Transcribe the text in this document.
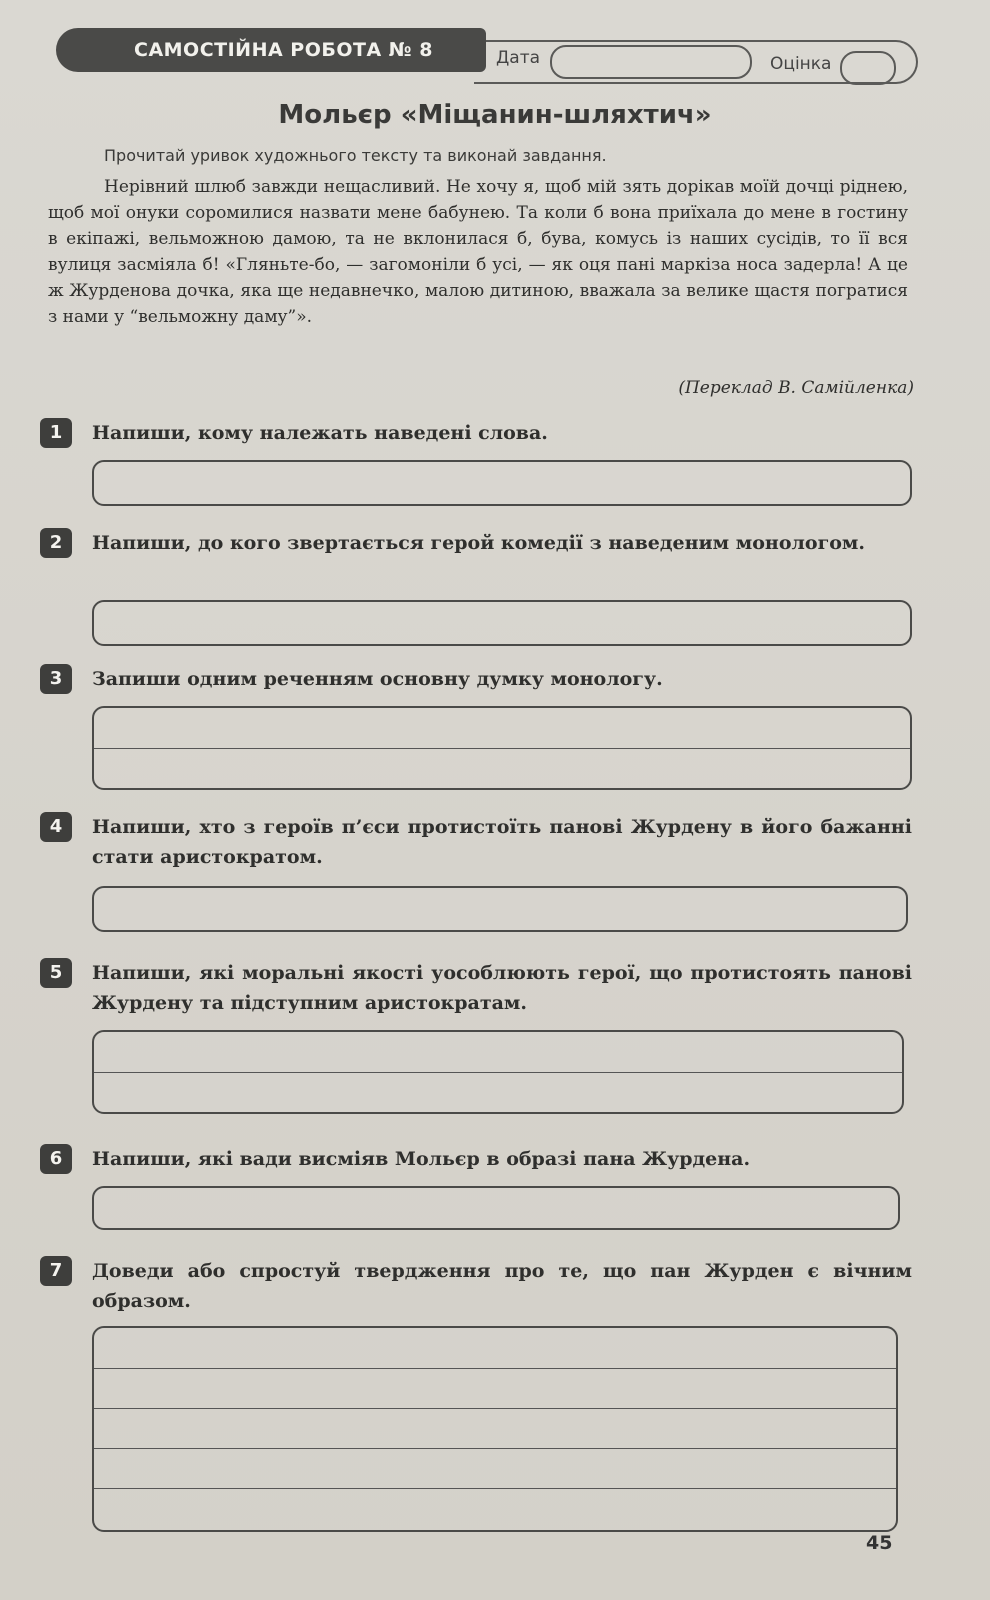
САМОСТІЙНА РОБОТА № 8	Дата	Оцінка
Мольєр «Міщанин-шляхтич»
Прочитай уривок художнього тексту та виконай завдання.

Нерівний шлюб завжди нещасливий. Не хочу я, щоб мій зять дорікав моїй дочці ріднею, щоб мої онуки соромилися назвати мене бабунею. Та коли б вона приїхала до мене в гостину в екіпажі, вельможною дамою, та не вклонилася б, бува, комусь із наших сусідів, то її вся вулиця засміяла б! «Гляньте-бо, — загомоніли б усі, — як оця пані маркіза носа задерла! А це ж Журденова дочка, яка ще недавнечко, малою дитиною, вважала за велике щастя погратися з нами у “вельможну даму”».

(Переклад В. Самійленка)
1	Напиши, кому належать наведені слова.
2	Напиши, до кого звертається герой комедії з наведеним монологом.
3	Запиши одним реченням основну думку монологу.
4	Напиши, хто з героїв п’єси протистоїть панові Журдену в його бажанні стати аристократом.
5	Напиши, які моральні якості уособлюють герої, що протистоять панові Журдену та підступним аристократам.
6	Напиши, які вади висміяв Мольєр в образі пана Журдена.
7	Доведи або спростуй твердження про те, що пан Журден є вічним образом.
45
